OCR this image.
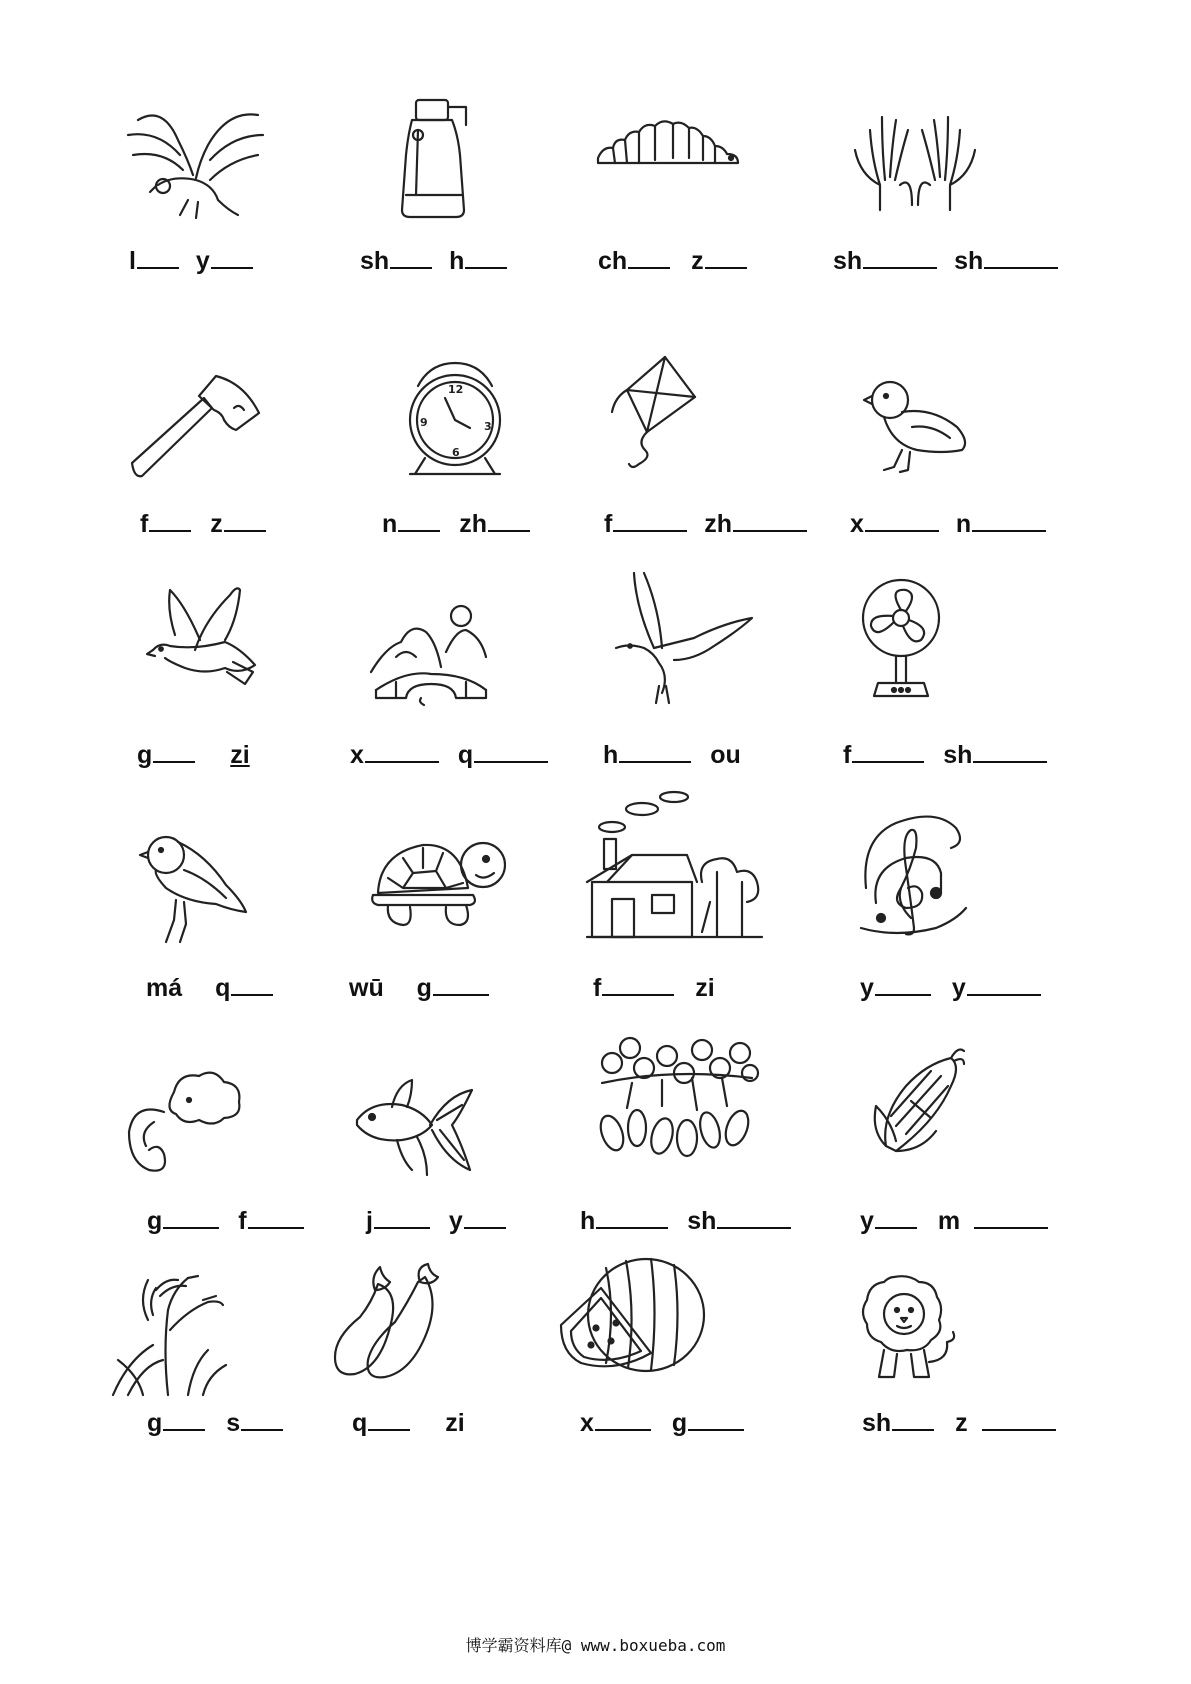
l y	sh h	ch	z	sh	sh
12
9	3
6
f z	n zh	f	zh	x	n
g	zi	x	q	h	ou	f	sh
má q	wū g	f	zi	y	y
g	f	j	y	h	sh	y	m
g	s	q	zi	x	g	sh	z
博学霸资料库@ www.boxueba.com
